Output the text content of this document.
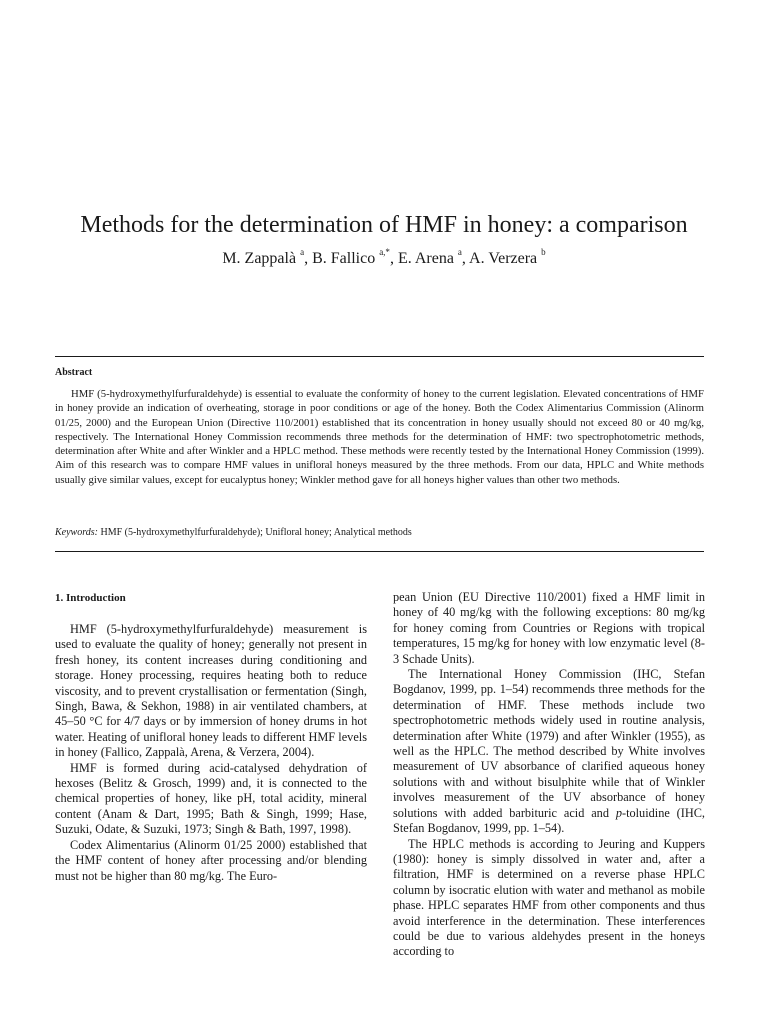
Methods for the determination of HMF in honey: a comparison
M. Zappalà $^a$, B. Fallico $^{a,*}$, E. Arena $^a$, A. Verzera $^b$
Abstract

HMF (5-hydroxymethylfurfuraldehyde) is essential to evaluate the conformity of honey to the current legislation. Elevated concentrations of HMF in honey provide an indication of overheating, storage in poor conditions or age of the honey. Both the Codex Alimentarius Commission (Alinorm 01/25, 2000) and the European Union (Directive 110/2001) established that its concentration in honey usually should not exceed 80 or 40 mg/kg, respectively. The International Honey Commission recommends three methods for the determination of HMF: two spectrophotometric methods, determination after White and after Winkler and a HPLC method. These methods were recently tested by the International Honey Commission (1999). Aim of this research was to compare HMF values in unifloral honeys measured by the three methods. From our data, HPLC and White methods usually give similar values, except for eucalyptus honey; Winkler method gave for all honeys higher values than other two methods.

Keywords: HMF (5-hydroxymethylfurfuraldehyde); Unifloral honey; Analytical methods
1. Introduction

HMF (5-hydroxymethylfurfuraldehyde) measurement is used to evaluate the quality of honey; generally not present in fresh honey, its content increases during conditioning and storage. Honey processing, requires heating both to reduce viscosity, and to prevent crystallisation or fermentation (Singh, Singh, Bawa, & Sekhon, 1988) in air ventilated chambers, at 45–50 °C for 4/7 days or by immersion of honey drums in hot water. Heating of unifloral honey leads to different HMF levels in honey (Fallico, Zappalà, Arena, & Verzera, 2004).

HMF is formed during acid-catalysed dehydration of hexoses (Belitz & Grosch, 1999) and, it is connected to the chemical properties of honey, like pH, total acidity, mineral content (Anam & Dart, 1995; Bath & Singh, 1999; Hase, Suzuki, Odate, & Suzuki, 1973; Singh & Bath, 1997, 1998).

Codex Alimentarius (Alinorm 01/25 2000) established that the HMF content of honey after processing and/or blending must not be higher than 80 mg/kg. The Euro-

pean Union (EU Directive 110/2001) fixed a HMF limit in honey of 40 mg/kg with the following exceptions: 80 mg/kg for honey coming from Countries or Regions with tropical temperatures, 15 mg/kg for honey with low enzymatic level (8-3 Schade Units).

The International Honey Commission (IHC, Stefan Bogdanov, 1999, pp. 1–54) recommends three methods for the determination of HMF. These methods include two spectrophotometric methods widely used in routine analysis, determination after White (1979) and after Winkler (1955), as well as the HPLC. The method described by White involves measurement of UV absorbance of clarified aqueous honey solutions with and without bisulphite while that of Winkler involves measurement of the UV absorbance of honey solutions with added barbituric acid and p-toluidine (IHC, Stefan Bogdanov, 1999, pp. 1–54).

The HPLC methods is according to Jeuring and Kuppers (1980): honey is simply dissolved in water and, after a filtration, HMF is determined on a reverse phase HPLC column by isocratic elution with water and methanol as mobile phase. HPLC separates HMF from other components and thus avoid interference in the determination. These interferences could be due to various aldehydes present in the honeys according to
